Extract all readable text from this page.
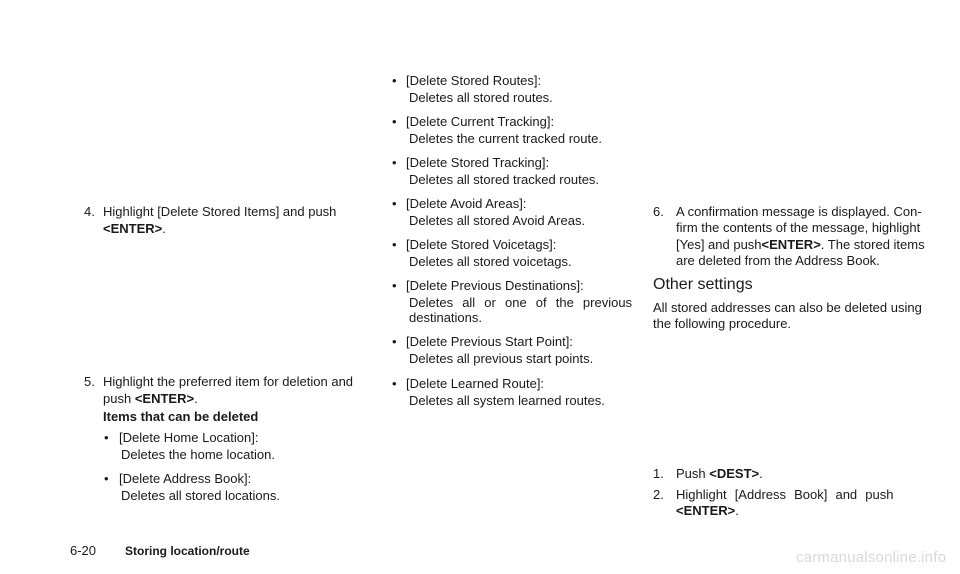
4. Highlight [Delete Stored Items] and push
<ENTER>.
5. Highlight the preferred item for deletion and
push <ENTER>.
Items that can be deleted
• [Delete Home Location]:
Deletes the home location.
• [Delete Address Book]:
Deletes all stored locations.
• [Delete Stored Routes]:
Deletes all stored routes.
• [Delete Current Tracking]:
Deletes the current tracked route.
• [Delete Stored Tracking]:
Deletes all stored tracked routes.
• [Delete Avoid Areas]:
Deletes all stored Avoid Areas.
• [Delete Stored Voicetags]:
Deletes all stored voicetags.
• [Delete Previous Destinations]:
Deletes all or one of the previous
destinations.
• [Delete Previous Start Point]:
Deletes all previous start points.
• [Delete Learned Route]:
Deletes all system learned routes.
6. A confirmation message is displayed. Con-
firm the contents of the message, highlight
[Yes] and push<ENTER>. The stored items
are deleted from the Address Book.
Other settings
All stored addresses can also be deleted using
the following procedure.
1. Push <DEST>.
2. Highlight [Address Book] and push
<ENTER>.
6-20 Storing location/route	carmanualsonline.info
